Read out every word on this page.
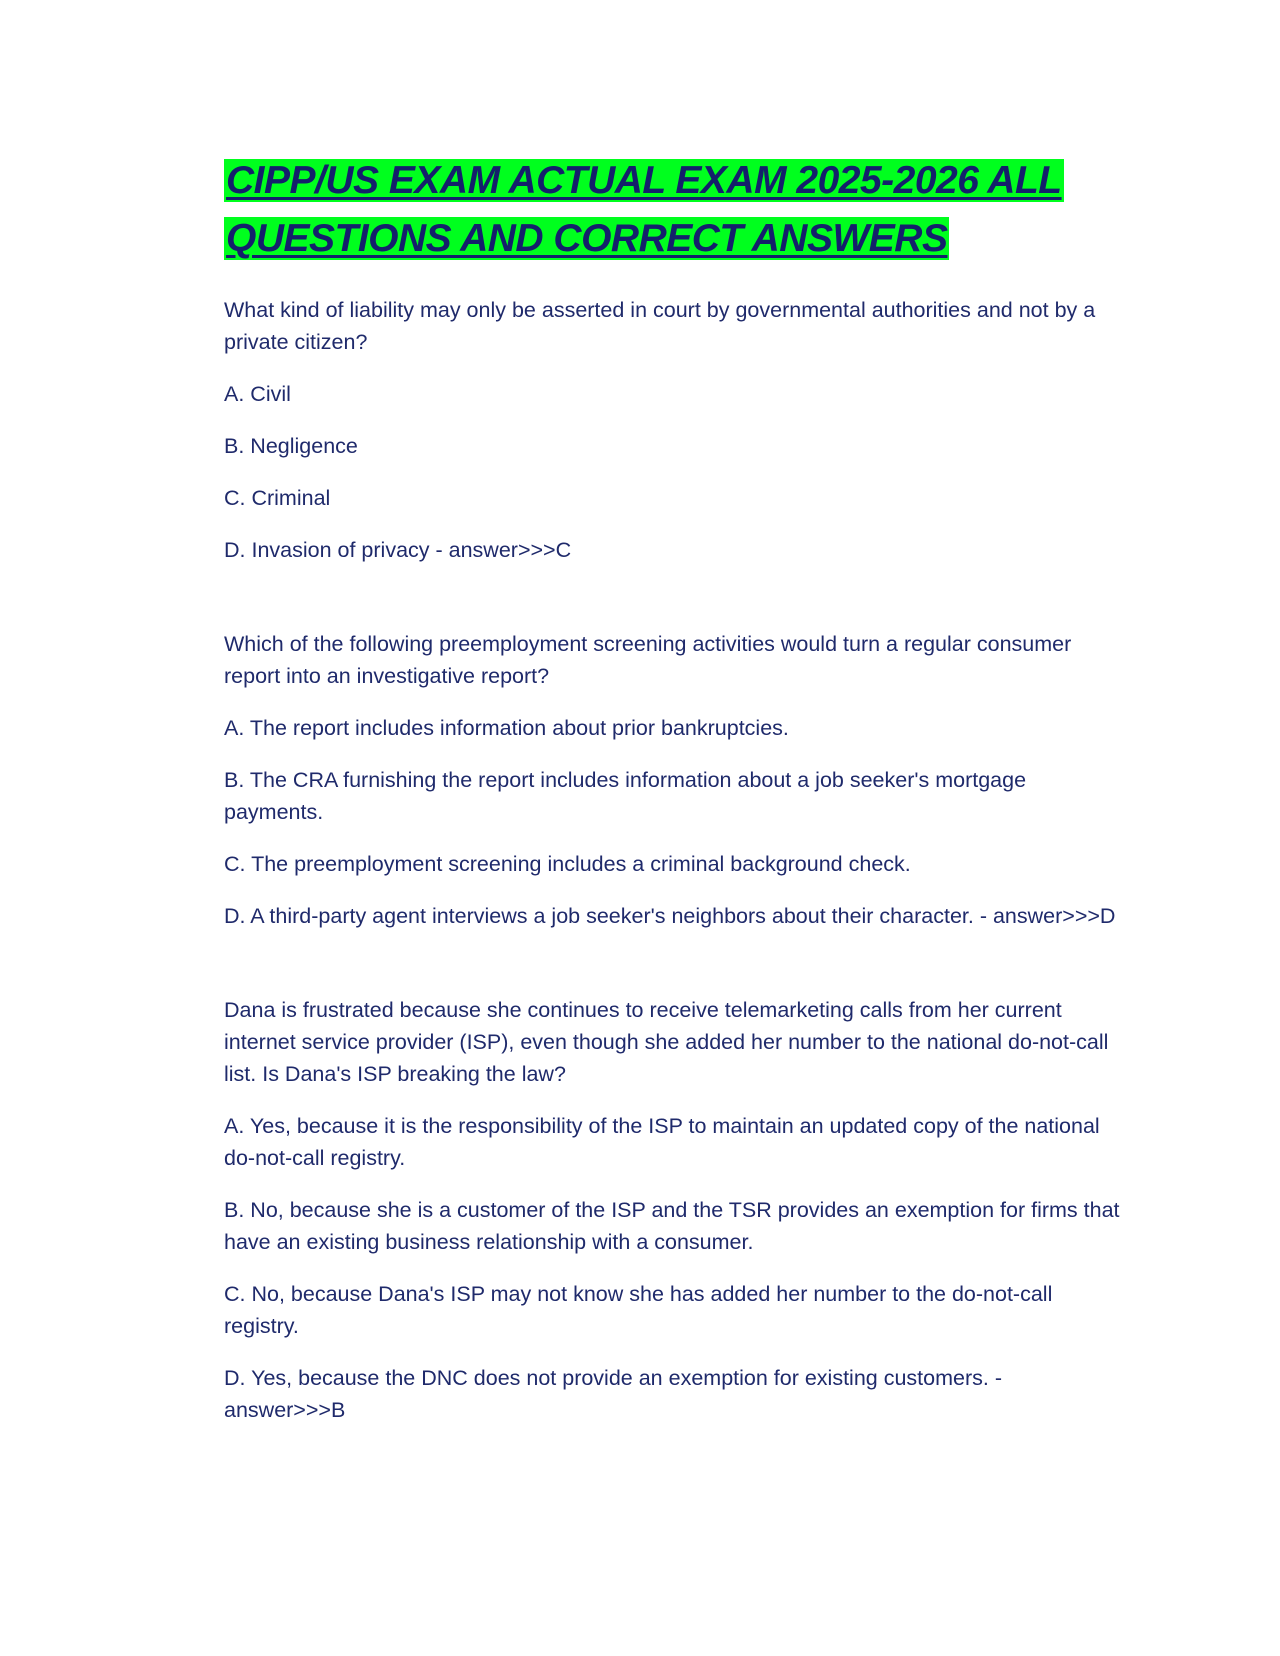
CIPP/US EXAM ACTUAL EXAM 2025-2026 ALL QUESTIONS AND CORRECT ANSWERS

What kind of liability may only be asserted in court by governmental authorities and not by a private citizen?

A. Civil

B. Negligence

C. Criminal

D. Invasion of privacy - answer>>>C

Which of the following preemployment screening activities would turn a regular consumer report into an investigative report?

A. The report includes information about prior bankruptcies.

B. The CRA furnishing the report includes information about a job seeker's mortgage payments.

C. The preemployment screening includes a criminal background check.

D. A third-party agent interviews a job seeker's neighbors about their character. - answer>>>D

Dana is frustrated because she continues to receive telemarketing calls from her current internet service provider (ISP), even though she added her number to the national do-not-call list. Is Dana's ISP breaking the law?

A. Yes, because it is the responsibility of the ISP to maintain an updated copy of the national do-not-call registry.

B. No, because she is a customer of the ISP and the TSR provides an exemption for firms that have an existing business relationship with a consumer.

C. No, because Dana's ISP may not know she has added her number to the do-not-call registry.

D. Yes, because the DNC does not provide an exemption for existing customers. - answer>>>B
